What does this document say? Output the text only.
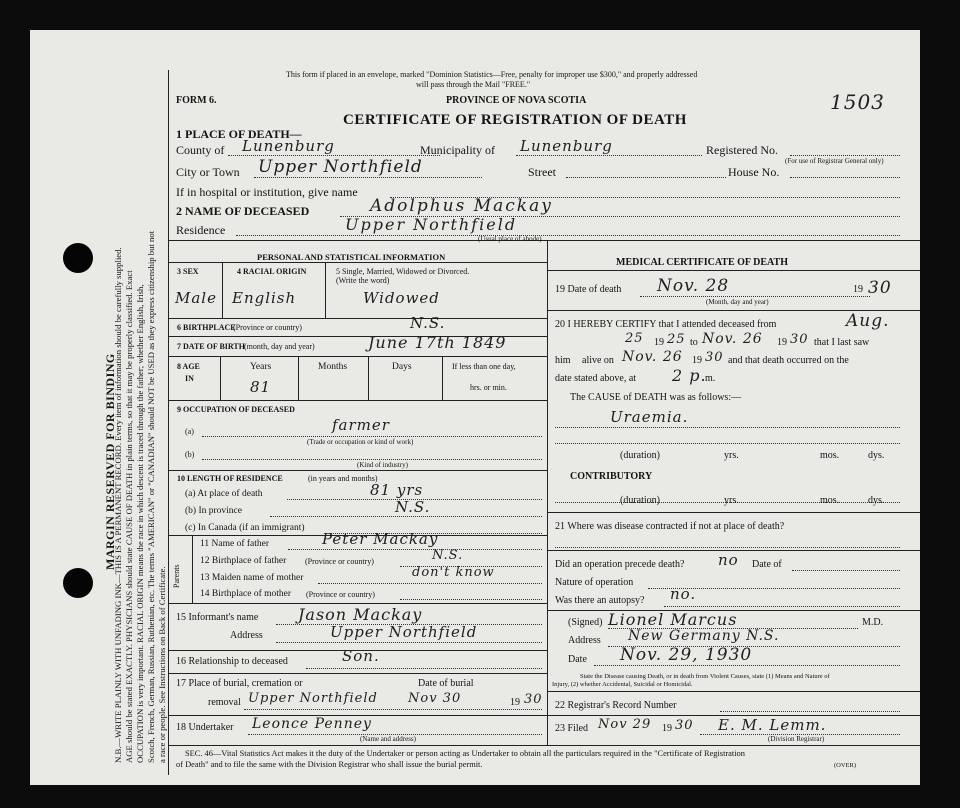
MARGIN RESERVED FOR BINDING
N.B.—WRITE PLAINLY WITH UNFADING INK—THIS IS A PERMANENT RECORD. Every item of information should be carefully supplied. AGE should be stated EXACTLY. PHYSICIANS should state CAUSE OF DEATH in plain terms, so that it may be properly classified. Exact OCCUPATION is very important. RACIAL ORIGIN means the race in which descent is traced through the father; whether English, Irish, Scotch, French, German, Russian, Ruthenian, etc. The terms "AMERICAN" or "CANADIAN" should NOT be USED as they express citizenship but not a race or people. See Instructions on Back of Certificate.
This form if placed in an envelope, marked "Dominion Statistics—Free, penalty for improper use $300," and properly addressed
will pass through the Mail "FREE."
FORM 6.	PROVINCE OF NOVA SCOTIA
CERTIFICATE OF REGISTRATION OF DEATH
1503
1 PLACE OF DEATH—
County of Lunenburg	Municipality of Lunenburg	Registered No.
(For use of Registrar General only)
City or Town Upper Northfield	Street	House No.
If in hospital or institution, give name
2 NAME OF DECEASED	Adolphus Mackay
Residence	Upper Northfield
(Usual place of abode)
PERSONAL AND STATISTICAL INFORMATION
3 SEX	4 RACIAL ORIGIN	5 Single, Married, Widowed or Divorced.
(Write the word)
Male English	Widowed
6 BIRTHPLACE
(Province or country)	N.S.
7 DATE OF BIRTH (month, day and year)	June 17th 1849
8 AGE
IN
Years	Months	Days	If less than one day,
hrs. or min.
81
9 OCCUPATION OF DECEASED
(a)	farmer
(Trade or occupation or kind of work)
(b)
(Kind of industry)
10 LENGTH OF RESIDENCE	(in years and months)
(a) At place of death	81 yrs
(b) In province	N.S.
(c) In Canada (if an immigrant)
Parents
11 Name of father	Peter Mackay
12 Birthplace of father (Province or country)	N.S.
13 Maiden name of mother	don't know
14 Birthplace of mother (Province or country)
15 Informant's name Jason Mackay
Address	Upper Northfield
16 Relationship to deceased	Son.
17 Place of burial, cremation or	Date of burial
removal Upper Northfield Nov 30	19 30
18 Undertaker Leonce Penney
(Name and address)
MEDICAL CERTIFICATE OF DEATH
19 Date of death Nov. 28	19 30
(Month, day and year)
20 I HEREBY CERTIFY that I attended deceased from	Aug.
25 19 25 to Nov. 26 19 30 that I last saw
him alive on Nov. 26 19 30 and that death occurred on the
date stated above, at 2 p.
m.
The CAUSE of DEATH was as follows:—
Uraemia.
(duration)	yrs.	mos.	dys.
CONTRIBUTORY
(duration)	yrs.	mos.	dys.
21 Where was disease contracted if not at place of death?
Did an operation precede death? no Date of
Nature of operation
Was there an autopsy? no.
(Signed) Lionel Marcus	M.D.
Address New Germany N.S.
Date Nov. 29, 1930
State the Disease causing Death, or in death from Violent Causes, state (1) Means and Nature of
Injury, (2) whether Accidental, Suicidal or Homicidal.
22 Registrar's Record Number
23 Filed Nov 29 19 30 E. M. Lemm.
(Division Registrar)
SEC. 46—Vital Statistics Act makes it the duty of the Undertaker or person acting as Undertaker to obtain all the particulars required in the "Certificate of Registration
of Death" and to file the same with the Division Registrar who shall issue the burial permit.	(OVER)
